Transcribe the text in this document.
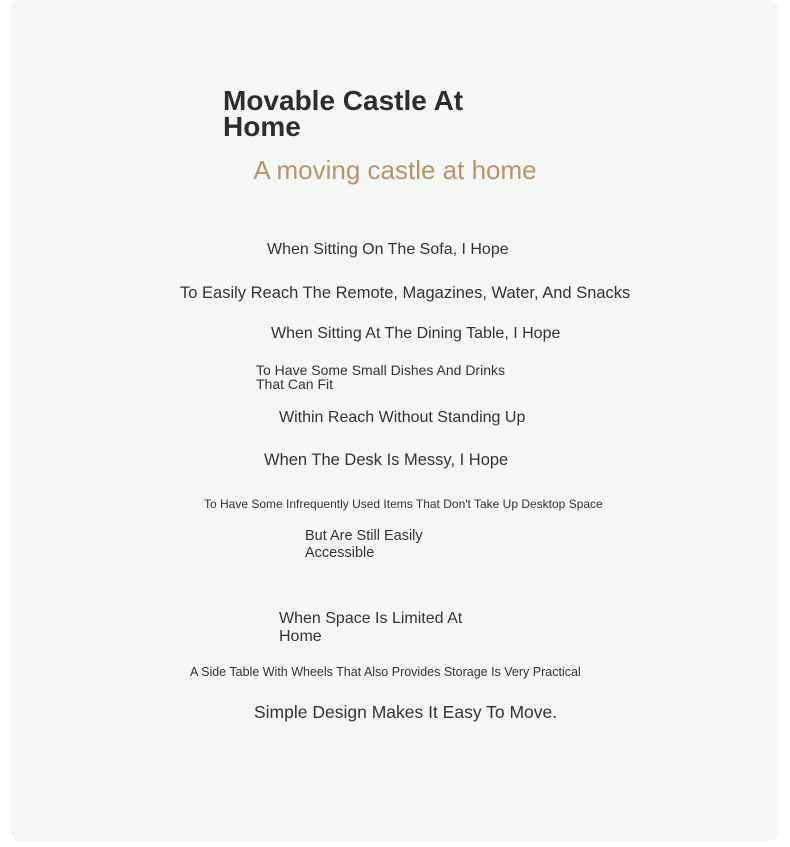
Movable Castle At Home

A moving castle at home

When Sitting On The Sofa, I Hope

To Easily Reach The Remote, Magazines, Water, And Snacks

When Sitting At The Dining Table, I Hope

To Have Some Small Dishes And Drinks That Can Fit

Within Reach Without Standing Up

When The Desk Is Messy, I Hope

To Have Some Infrequently Used Items That Don't Take Up Desktop Space

But Are Still Easily Accessible

When Space Is Limited At Home

A Side Table With Wheels That Also Provides Storage Is Very Practical

Simple Design Makes It Easy To Move.
